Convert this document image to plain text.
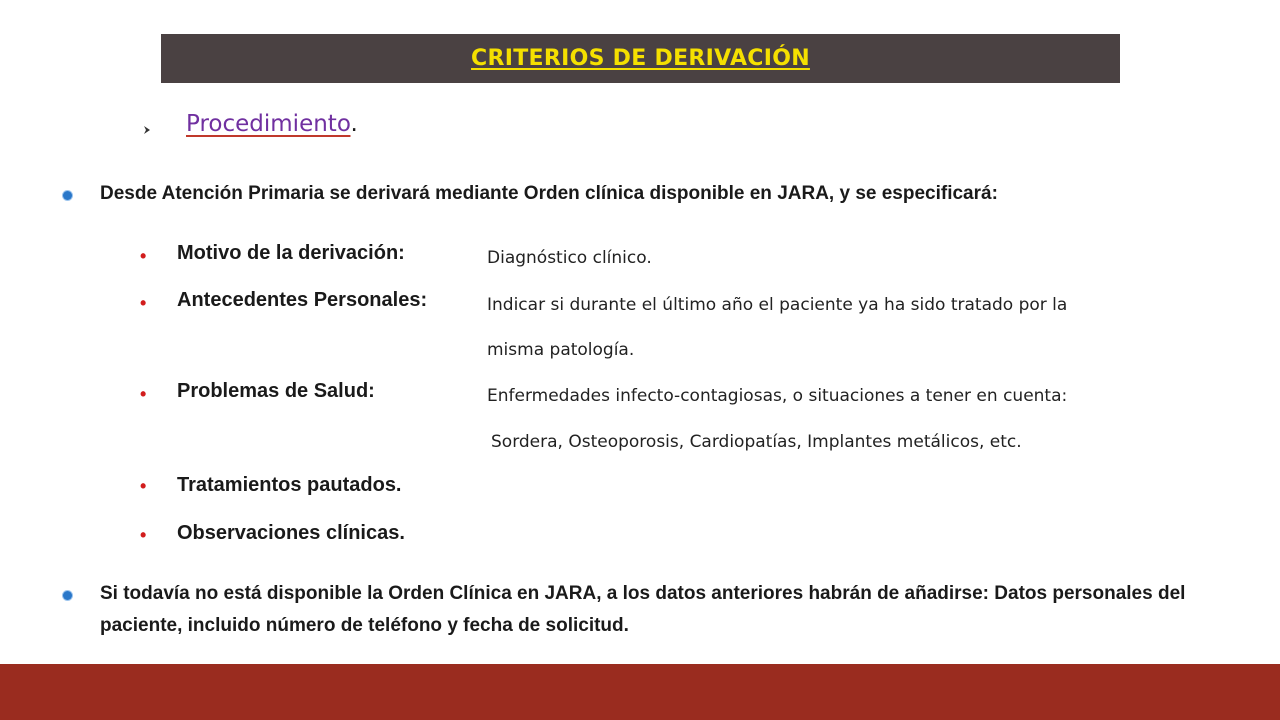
CRITERIOS DE DERIVACIÓN
Procedimiento.
Desde Atención Primaria se derivará mediante Orden clínica disponible en JARA, y se especificará:
• Motivo de la derivación:	Diagnóstico clínico.
• Antecedentes Personales:	Indicar si durante el último año el paciente ya ha sido tratado por la
misma patología.
• Problemas de Salud:	Enfermedades infecto-contagiosas, o situaciones a tener en cuenta:
Sordera, Osteoporosis, Cardiopatías, Implantes metálicos, etc.
• Tratamientos pautados.
• Observaciones clínicas.
Si todavía no está disponible la Orden Clínica en JARA, a los datos anteriores habrán de añadirse: Datos personales del paciente, incluido número de teléfono y fecha de solicitud.
